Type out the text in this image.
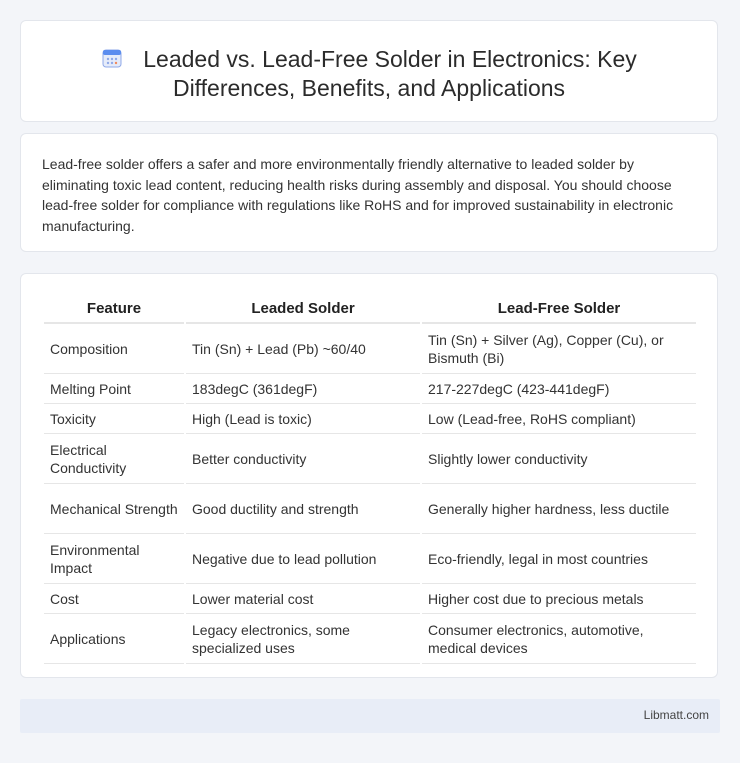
Leaded vs. Lead-Free Solder in Electronics: Key Differences, Benefits, and Applications
Lead-free solder offers a safer and more environmentally friendly alternative to leaded solder by eliminating toxic lead content, reducing health risks during assembly and disposal. You should choose lead-free solder for compliance with regulations like RoHS and for improved sustainability in electronic manufacturing.
Feature	Leaded Solder	Lead-Free Solder
Composition	Tin (Sn) + Lead (Pb) ~60/40	Tin (Sn) + Silver (Ag), Copper (Cu), or Bismuth (Bi)
Melting Point	183degC (361degF)	217-227degC (423-441degF)
Toxicity	High (Lead is toxic)	Low (Lead-free, RoHS compliant)
Electrical Conductivity	Better conductivity	Slightly lower conductivity
Mechanical Strength	Good ductility and strength	Generally higher hardness, less ductile
Environmental Impact	Negative due to lead pollution	Eco-friendly, legal in most countries
Cost	Lower material cost	Higher cost due to precious metals
Applications	Legacy electronics, some specialized uses	Consumer electronics, automotive, medical devices
Libmatt.com
